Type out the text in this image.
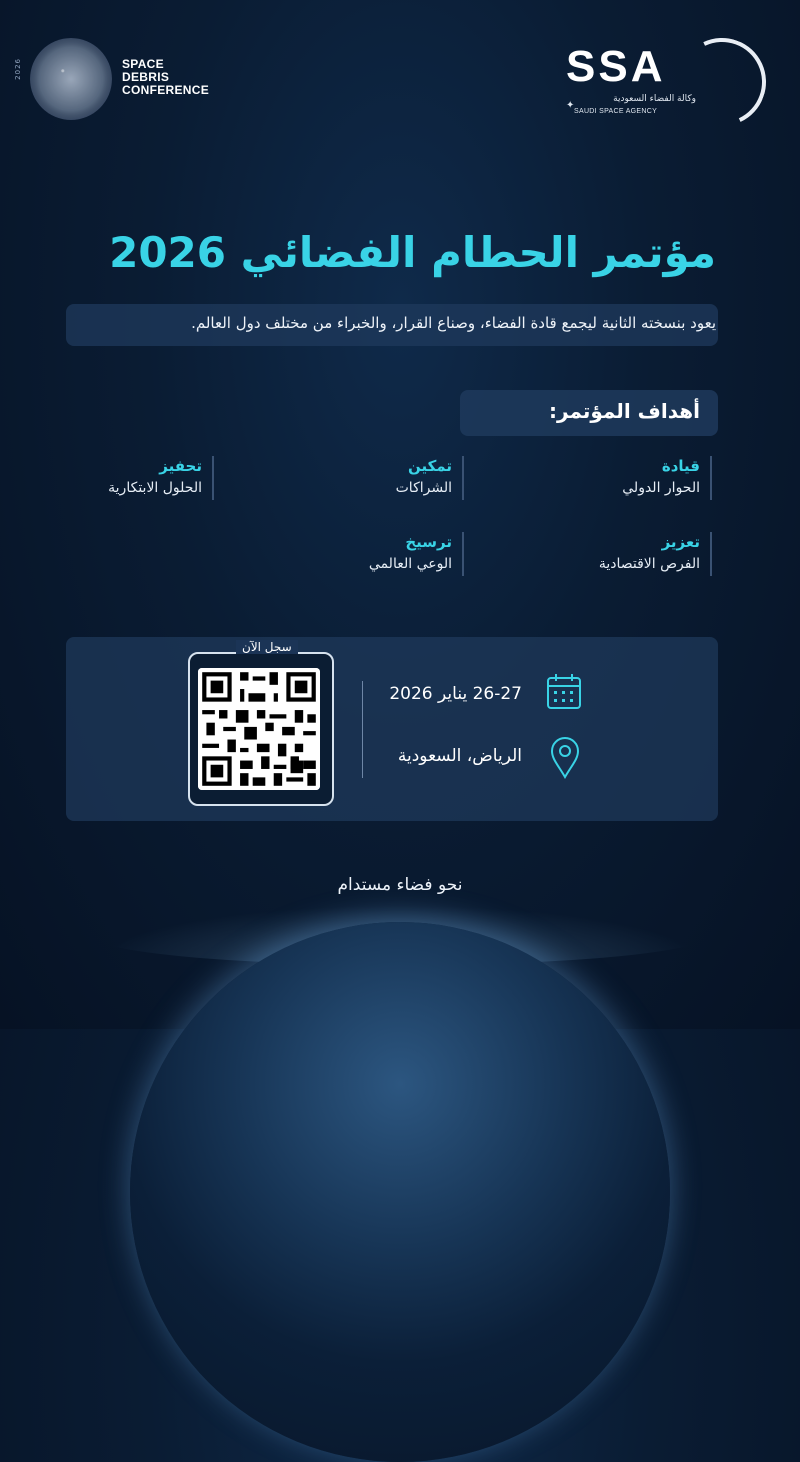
2026	SPACE
DEBRIS
CONFERENCE	SSA
✦
وكالة الفضاء السعودية
SAUDI SPACE AGENCY
مؤتمر الحطام الفضائي 2026
يعود بنسخته الثانية ليجمع قادة الفضاء، وصناع القرار، والخبراء من مختلف دول العالم.
أهداف المؤتمر:
قيادة
الحوار الدولي
تمكين
الشراكات
تحفيز
الحلول الابتكارية
تعزيز
الفرص الاقتصادية
ترسيخ
الوعي العالمي
سجل الآن
26-27 يناير 2026
الرياض، السعودية
نحو فضاء مستدام
